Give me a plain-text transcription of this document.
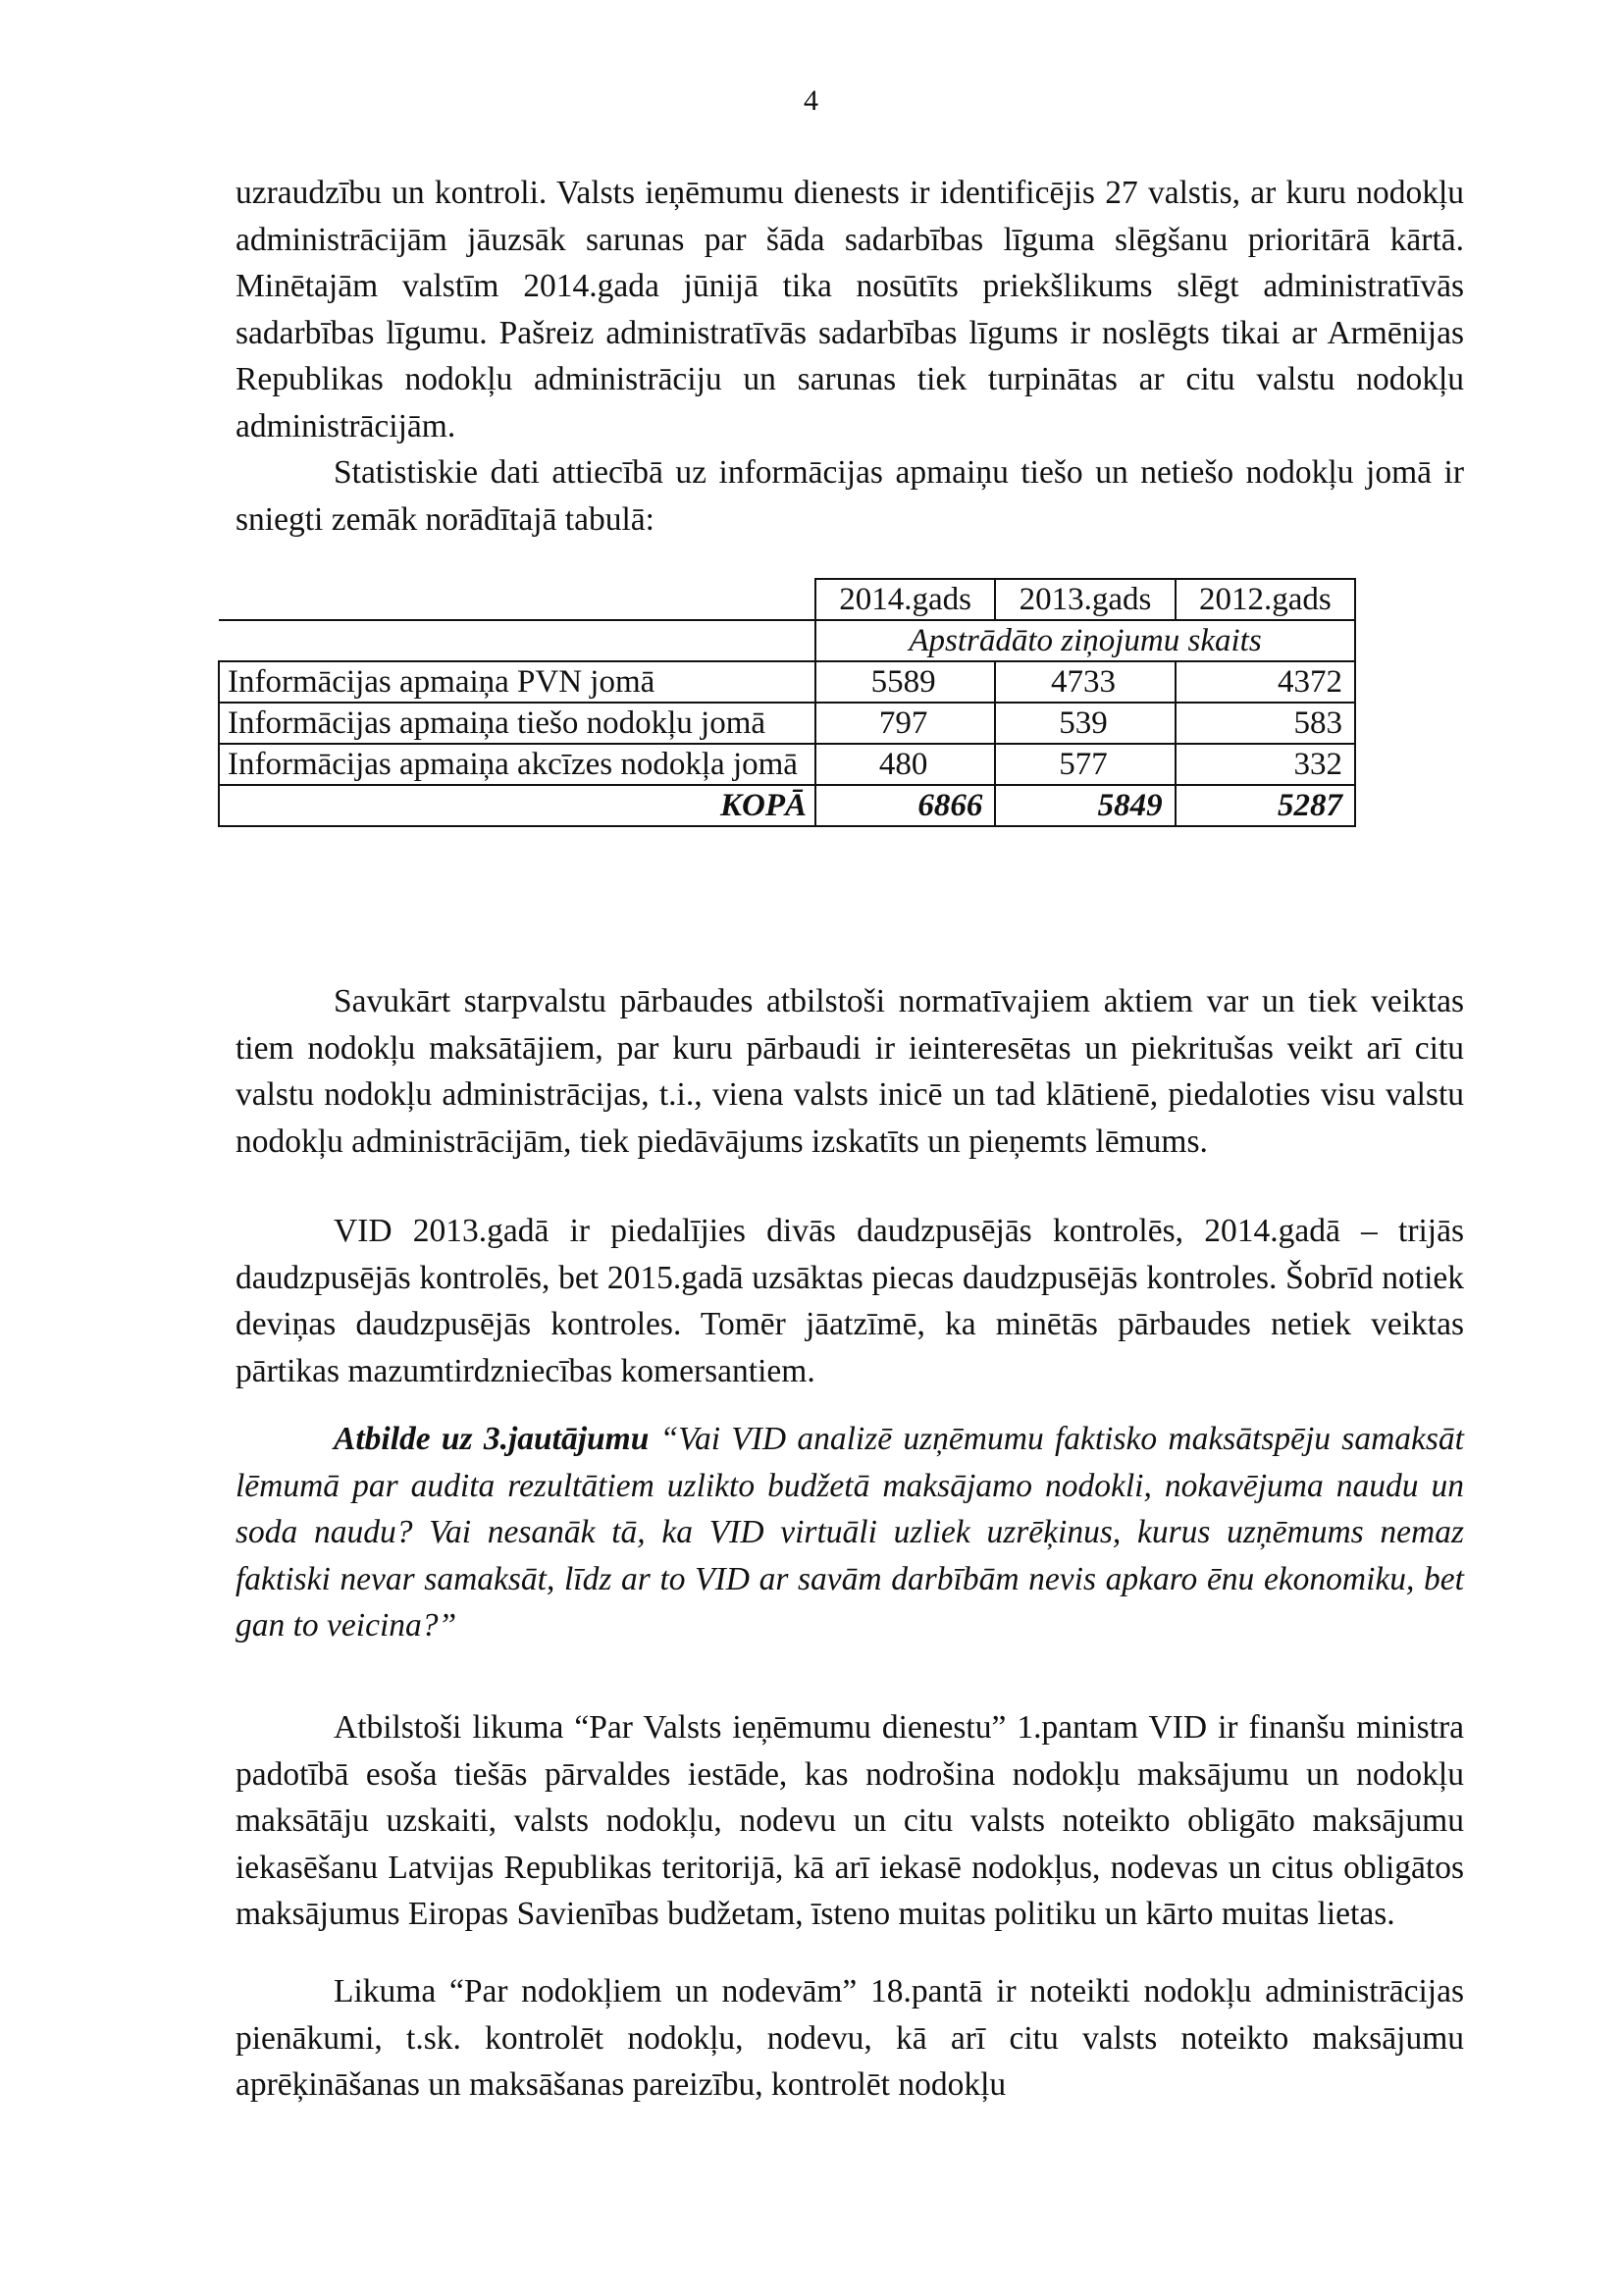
4

uzraudzību un kontroli. Valsts ieņēmumu dienests ir identificējis 27 valstis, ar kuru nodokļu administrācijām jāuzsāk sarunas par šāda sadarbības līguma slēgšanu prioritārā kārtā. Minētajām valstīm 2014.gada jūnijā tika nosūtīts priekšlikums slēgt administratīvās sadarbības līgumu. Pašreiz administratīvās sadarbības līgums ir noslēgts tikai ar Armēnijas Republikas nodokļu administrāciju un sarunas tiek turpinātas ar citu valstu nodokļu administrācijām.

Statistiskie dati attiecībā uz informācijas apmaiņu tiešo un netiešo nodokļu jomā ir sniegti zemāk norādītajā tabulā:

	2014.gads	2013.gads	2012.gads
	Apstrādāto ziņojumu skaits		
Informācijas apmaiņa PVN jomā	5589	4733	4372
Informācijas apmaiņa tiešo nodokļu jomā	797	539	583
Informācijas apmaiņa akcīzes nodokļa jomā	480	577	332
KOPĀ	6866	5849	5287

Savukārt starpvalstu pārbaudes atbilstoši normatīvajiem aktiem var un tiek veiktas tiem nodokļu maksātājiem, par kuru pārbaudi ir ieinteresētas un piekritušas veikt arī citu valstu nodokļu administrācijas, t.i., viena valsts inicē un tad klātienē, piedaloties visu valstu nodokļu administrācijām, tiek piedāvājums izskatīts un pieņemts lēmums.

VID 2013.gadā ir piedalījies divās daudzpusējās kontrolēs, 2014.gadā – trijās daudzpusējās kontrolēs, bet 2015.gadā uzsāktas piecas daudzpusējās kontroles. Šobrīd notiek deviņas daudzpusējās kontroles. Tomēr jāatzīmē, ka minētās pārbaudes netiek veiktas pārtikas mazumtirdzniecības komersantiem.

Atbilde uz 3.jautājumu “Vai VID analizē uzņēmumu faktisko maksātspēju samaksāt lēmumā par audita rezultātiem uzlikto budžetā maksājamo nodokli, nokavējuma naudu un soda naudu? Vai nesanāk tā, ka VID virtuāli uzliek uzrēķinus, kurus uzņēmums nemaz faktiski nevar samaksāt, līdz ar to VID ar savām darbībām nevis apkaro ēnu ekonomiku, bet gan to veicina?”

Atbilstoši likuma “Par Valsts ieņēmumu dienestu” 1.pantam VID ir finanšu ministra padotībā esoša tiešās pārvaldes iestāde, kas nodrošina nodokļu maksājumu un nodokļu maksātāju uzskaiti, valsts nodokļu, nodevu un citu valsts noteikto obligāto maksājumu iekasēšanu Latvijas Republikas teritorijā, kā arī iekasē nodokļus, nodevas un citus obligātos maksājumus Eiropas Savienības budžetam, īsteno muitas politiku un kārto muitas lietas.

Likuma “Par nodokļiem un nodevām” 18.pantā ir noteikti nodokļu administrācijas pienākumi, t.sk. kontrolēt nodokļu, nodevu, kā arī citu valsts noteikto maksājumu aprēķināšanas un maksāšanas pareizību, kontrolēt nodokļu
